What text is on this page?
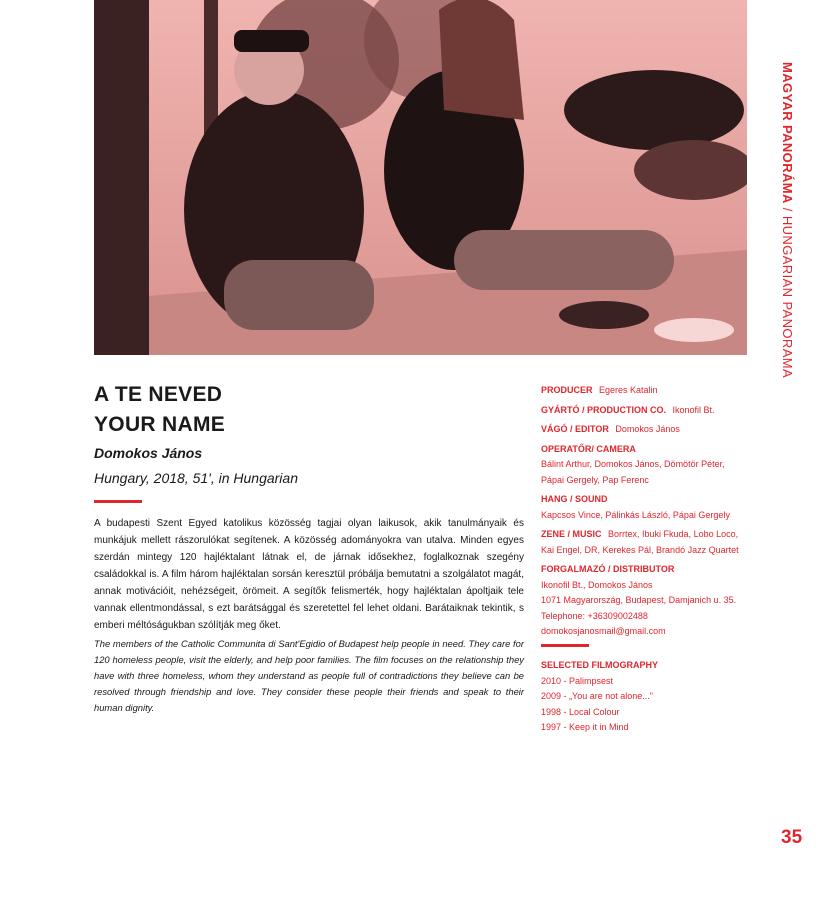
MAGYAR PANORÁMA / HUNGARIAN PANORAMA
A TE NEVED
YOUR NAME
Domokos János
Hungary, 2018, 51', in Hungarian

A budapesti Szent Egyed katolikus közösség tagjai olyan laikusok, akik tanulmányaik és munkájuk mellett rászorulókat segítenek. A közösség adományokra van utalva. Minden egyes szerdán mintegy 120 hajléktalant látnak el, de járnak idősekhez, foglalkoznak szegény családokkal is. A film három hajléktalan sorsán keresztül próbálja bemutatni a szolgálatot magát, annak motivációit, nehézségeit, örömeit. A segítők felismerték, hogy hajléktalan ápoltjaik tele vannak ellentmondással, s ezt barátsággal és szeretettel fel lehet oldani. Barátaiknak tekintik, s emberi méltóságukban szólítják meg őket.

The members of the Catholic Communita di Sant'Egidio of Budapest help people in need. They care for 120 homeless people, visit the elderly, and help poor families. The film focuses on the relationship they have with three homeless, whom they understand as people full of contradictions they believe can be resolved through friendship and love. They consider these people their friends and speak to their human dignity.

PRODUCER Egeres Katalin
GYÁRTÓ / PRODUCTION CO. Ikonofil Bt.
VÁGÓ / EDITOR Domokos János
OPERATŐR/ CAMERA
Bálint Arthur, Domokos János, Dömötör Péter,
Pápai Gergely, Pap Ferenc
HANG / SOUND
Kapcsos Vince, Pálinkás László, Pápai Gergely
ZENE / MUSIC Borrtex, Ibuki Fkuda, Lobo Loco,
Kai Engel, DR, Kerekes Pál, Brandó Jazz Quartet
FORGALMAZÓ / DISTRIBUTOR
Ikonofil Bt., Domokos János
1071 Magyarország, Budapest, Damjanich u. 35.
Telephone: +36309002488
domokosjanosmail@gmail.com
SELECTED FILMOGRAPHY
2010 - Palimpsest
2009 - „You are not alone..."
1998 - Local Colour
1997 - Keep it in Mind
35
